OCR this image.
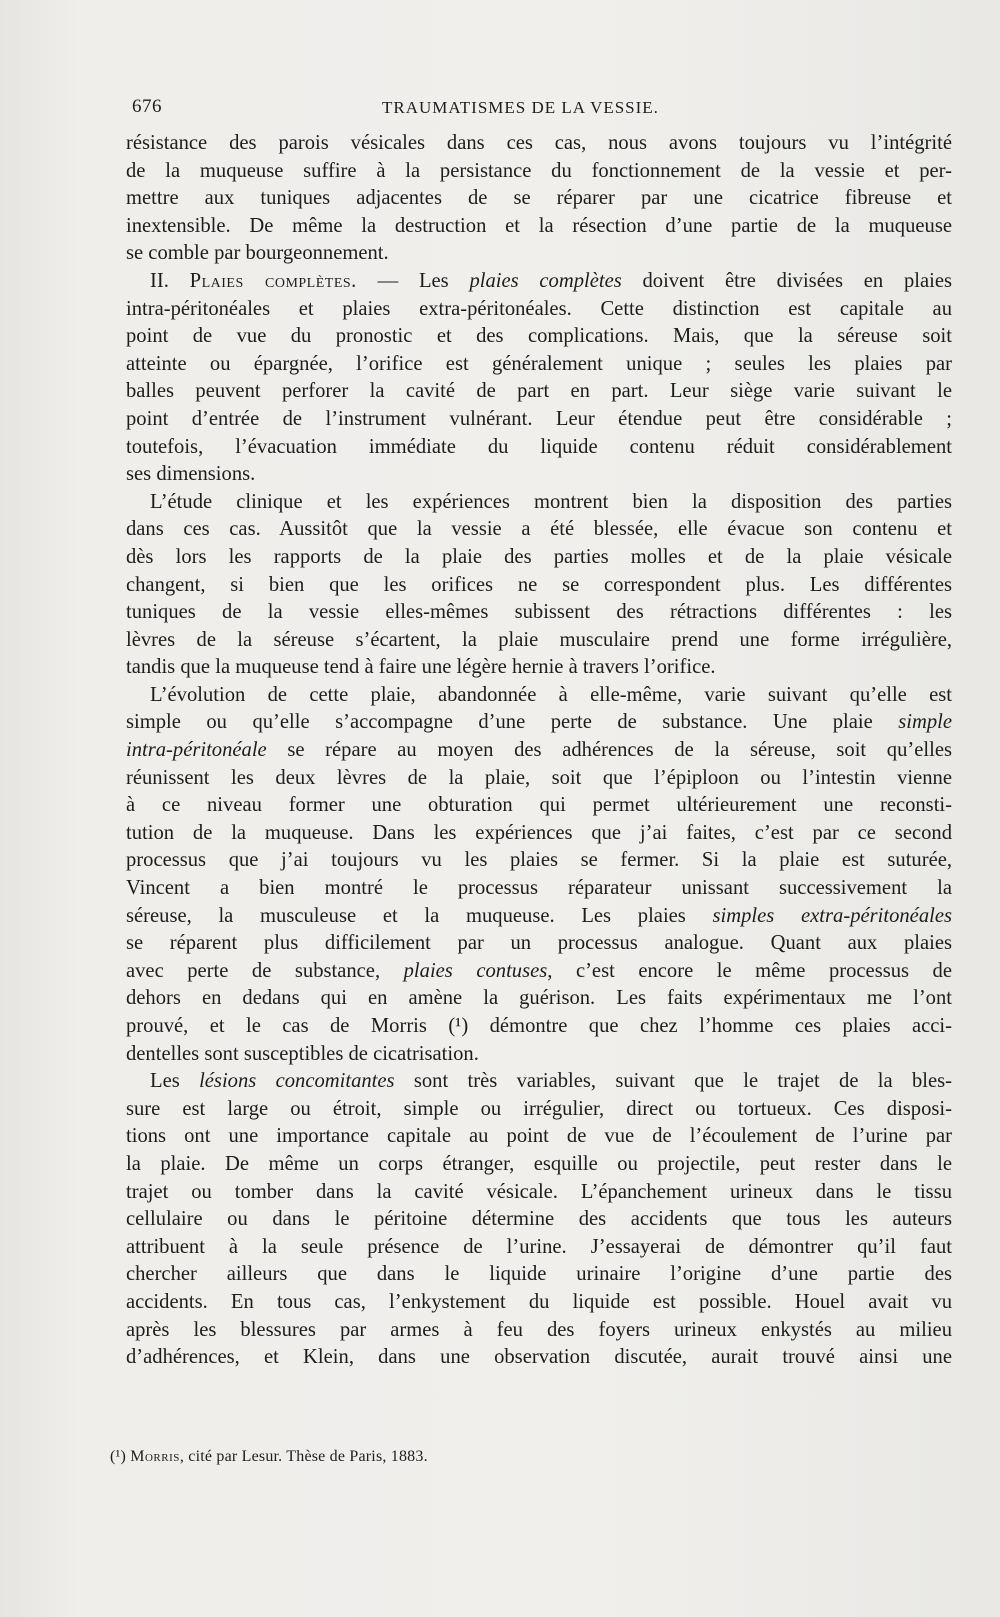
676	TRAUMATISMES DE LA VESSIE.
résistance des parois vésicales dans ces cas, nous avons toujours vu l’intégrité
de la muqueuse suffire à la persistance du fonctionnement de la vessie et per-
mettre aux tuniques adjacentes de se réparer par une cicatrice fibreuse et
inextensible. De même la destruction et la résection d’une partie de la muqueuse
se comble par bourgeonnement.
II. Plaies complètes. — Les plaies complètes doivent être divisées en plaies
intra-péritonéales et plaies extra-péritonéales. Cette distinction est capitale au
point de vue du pronostic et des complications. Mais, que la séreuse soit
atteinte ou épargnée, l’orifice est généralement unique ; seules les plaies par
balles peuvent perforer la cavité de part en part. Leur siège varie suivant le
point d’entrée de l’instrument vulnérant. Leur étendue peut être considérable ;
toutefois, l’évacuation immédiate du liquide contenu réduit considérablement
ses dimensions.
L’étude clinique et les expériences montrent bien la disposition des parties
dans ces cas. Aussitôt que la vessie a été blessée, elle évacue son contenu et
dès lors les rapports de la plaie des parties molles et de la plaie vésicale
changent, si bien que les orifices ne se correspondent plus. Les différentes
tuniques de la vessie elles-mêmes subissent des rétractions différentes : les
lèvres de la séreuse s’écartent, la plaie musculaire prend une forme irrégulière,
tandis que la muqueuse tend à faire une légère hernie à travers l’orifice.
L’évolution de cette plaie, abandonnée à elle-même, varie suivant qu’elle est
simple ou qu’elle s’accompagne d’une perte de substance. Une plaie simple
intra-péritonéale se répare au moyen des adhérences de la séreuse, soit qu’elles
réunissent les deux lèvres de la plaie, soit que l’épiploon ou l’intestin vienne
à ce niveau former une obturation qui permet ultérieurement une reconsti-
tution de la muqueuse. Dans les expériences que j’ai faites, c’est par ce second
processus que j’ai toujours vu les plaies se fermer. Si la plaie est suturée,
Vincent a bien montré le processus réparateur unissant successivement la
séreuse, la musculeuse et la muqueuse. Les plaies simples extra-péritonéales
se réparent plus difficilement par un processus analogue. Quant aux plaies
avec perte de substance, plaies contuses, c’est encore le même processus de
dehors en dedans qui en amène la guérison. Les faits expérimentaux me l’ont
prouvé, et le cas de Morris (¹) démontre que chez l’homme ces plaies acci-
dentelles sont susceptibles de cicatrisation.
Les lésions concomitantes sont très variables, suivant que le trajet de la bles-
sure est large ou étroit, simple ou irrégulier, direct ou tortueux. Ces disposi-
tions ont une importance capitale au point de vue de l’écoulement de l’urine par
la plaie. De même un corps étranger, esquille ou projectile, peut rester dans le
trajet ou tomber dans la cavité vésicale. L’épanchement urineux dans le tissu
cellulaire ou dans le péritoine détermine des accidents que tous les auteurs
attribuent à la seule présence de l’urine. J’essayerai de démontrer qu’il faut
chercher ailleurs que dans le liquide urinaire l’origine d’une partie des
accidents. En tous cas, l’enkystement du liquide est possible. Houel avait vu
après les blessures par armes à feu des foyers urineux enkystés au milieu
d’adhérences, et Klein, dans une observation discutée, aurait trouvé ainsi une
(¹) Morris, cité par Lesur. Thèse de Paris, 1883.
